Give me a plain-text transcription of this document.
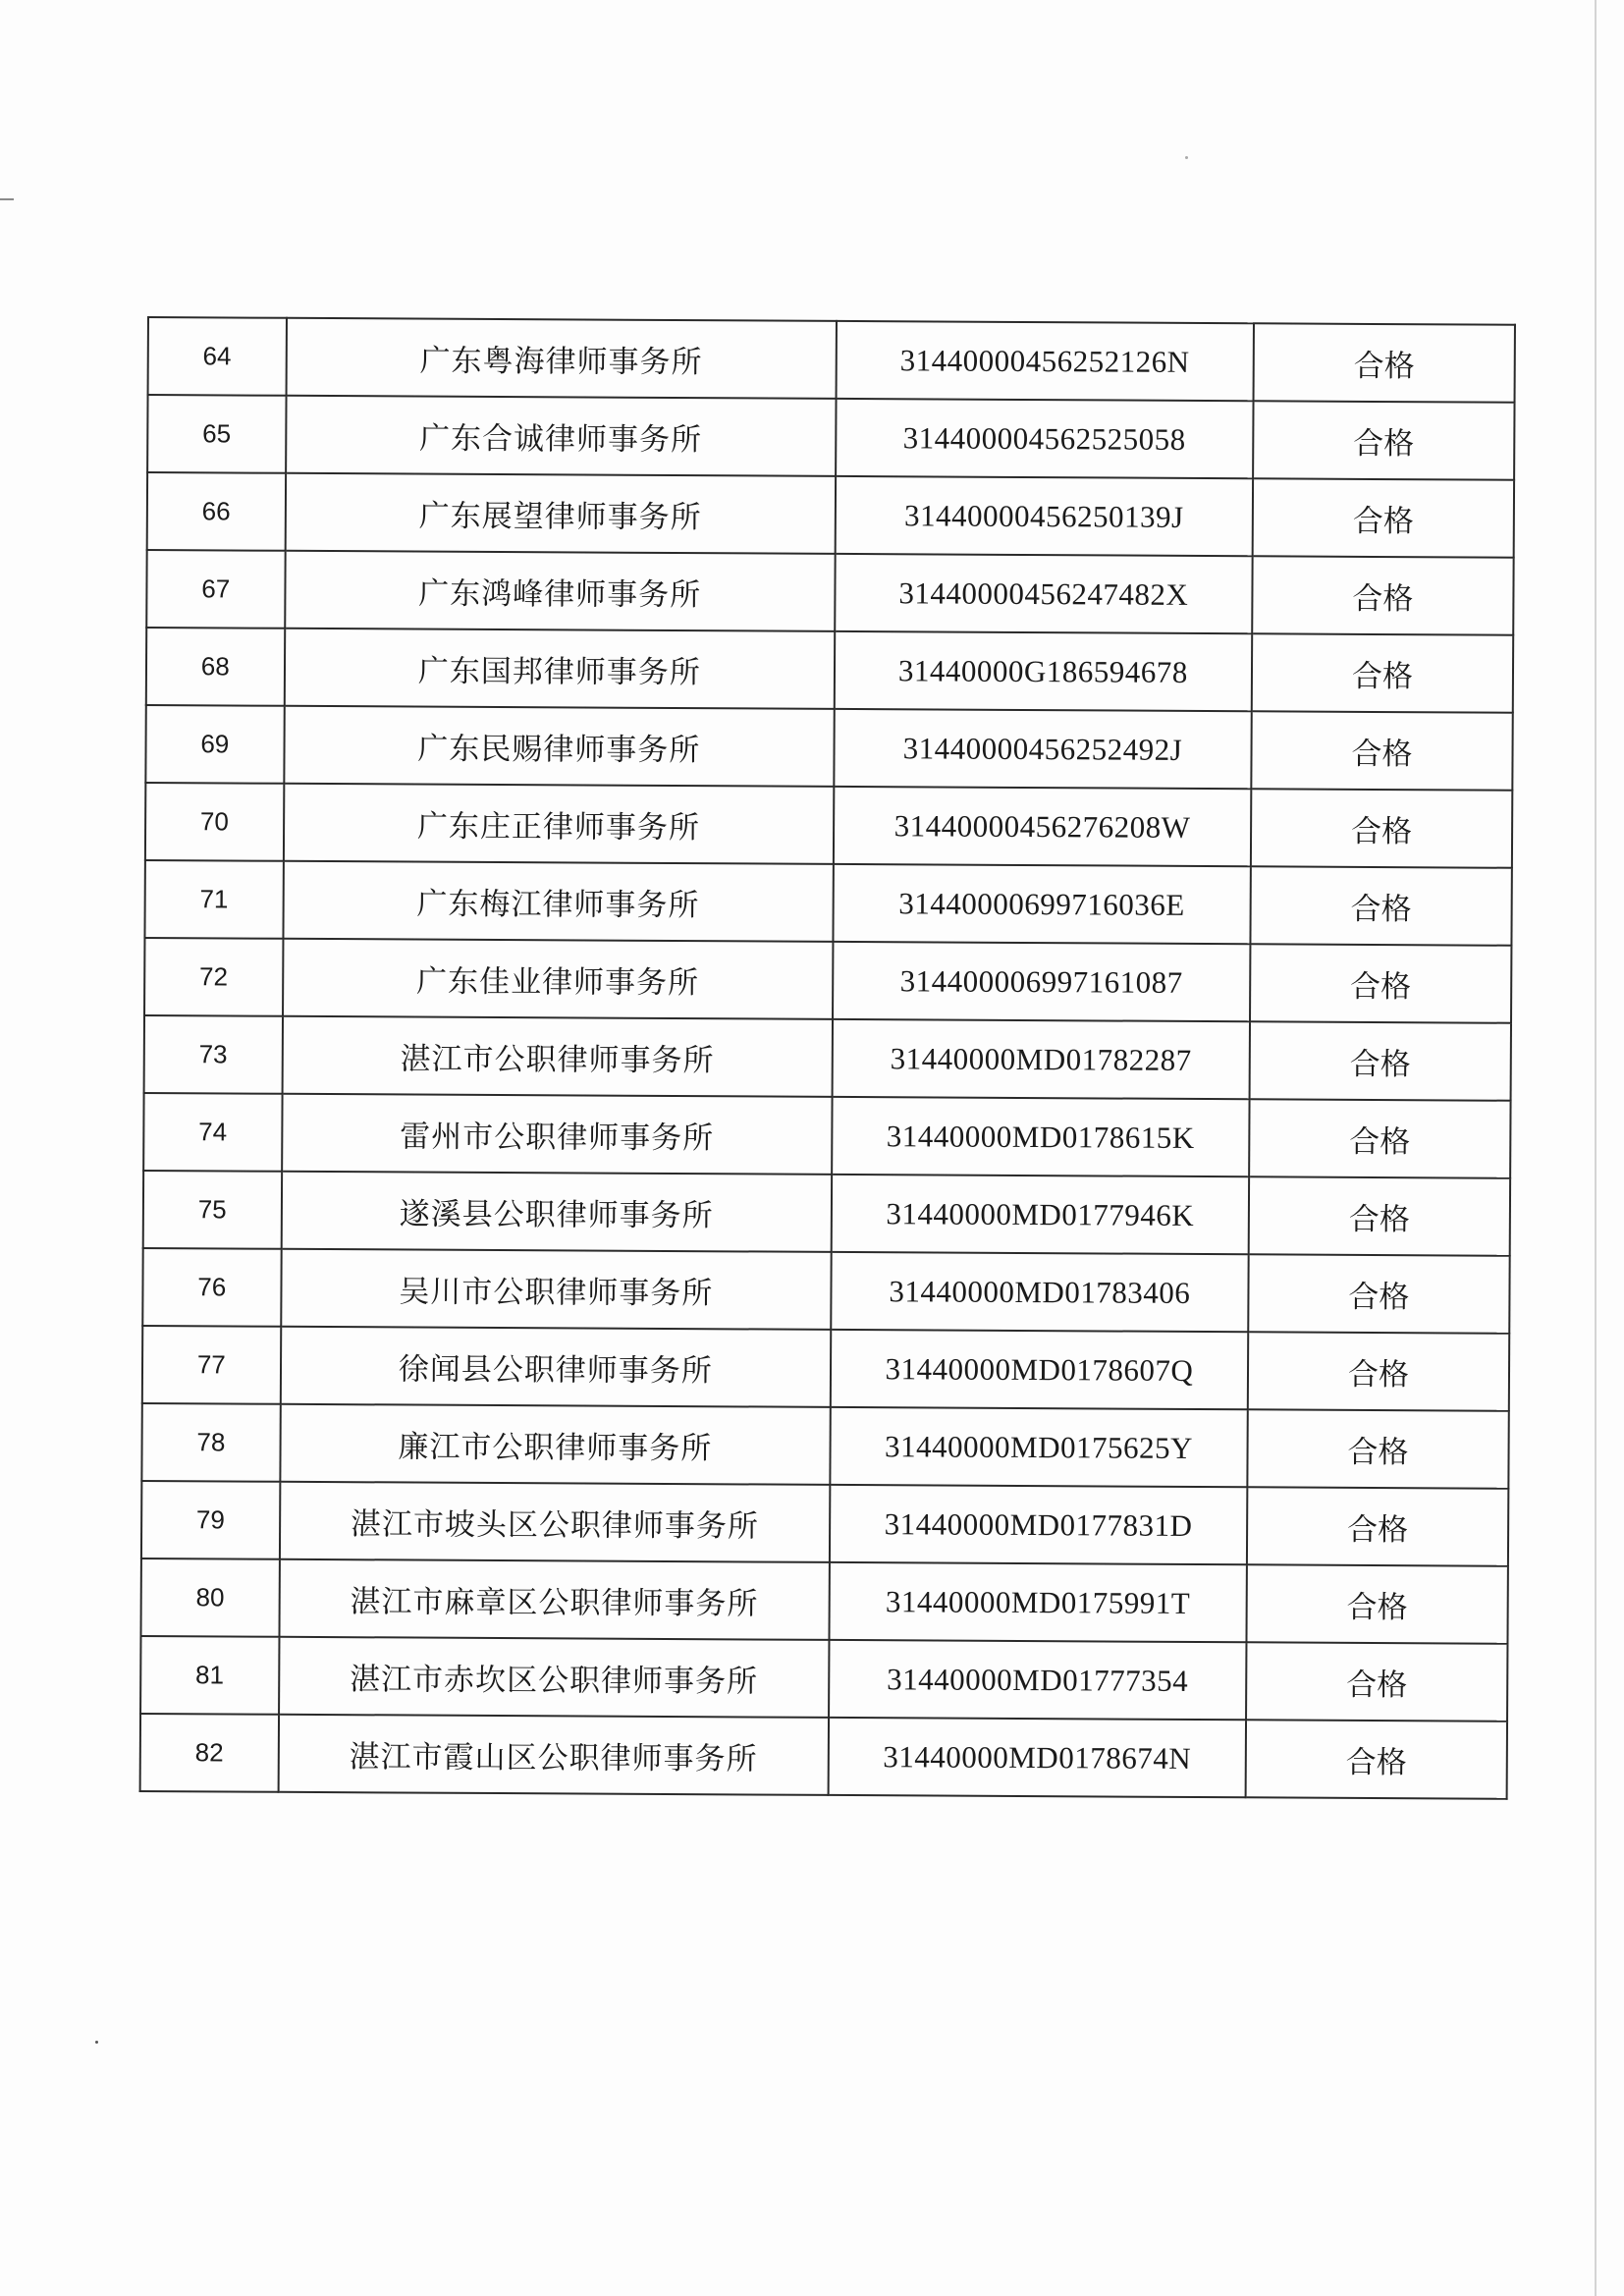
64	广东粤海律师事务所	31440000456252126N	合格
65	广东合诚律师事务所	314400004562525058	合格
66	广东展望律师事务所	31440000456250139J	合格
67	广东鸿峰律师事务所	31440000456247482X	合格
68	广东国邦律师事务所	31440000G186594678	合格
69	广东民赐律师事务所	31440000456252492J	合格
70	广东庄正律师事务所	31440000456276208W	合格
71	广东梅江律师事务所	31440000699716036E	合格
72	广东佳业律师事务所	314400006997161087	合格
73	湛江市公职律师事务所	31440000MD01782287	合格
74	雷州市公职律师事务所	31440000MD0178615K	合格
75	遂溪县公职律师事务所	31440000MD0177946K	合格
76	吴川市公职律师事务所	31440000MD01783406	合格
77	徐闻县公职律师事务所	31440000MD0178607Q	合格
78	廉江市公职律师事务所	31440000MD0175625Y	合格
79	湛江市坡头区公职律师事务所	31440000MD0177831D	合格
80	湛江市麻章区公职律师事务所	31440000MD0175991T	合格
81	湛江市赤坎区公职律师事务所	31440000MD01777354	合格
82	湛江市霞山区公职律师事务所	31440000MD0178674N	合格
